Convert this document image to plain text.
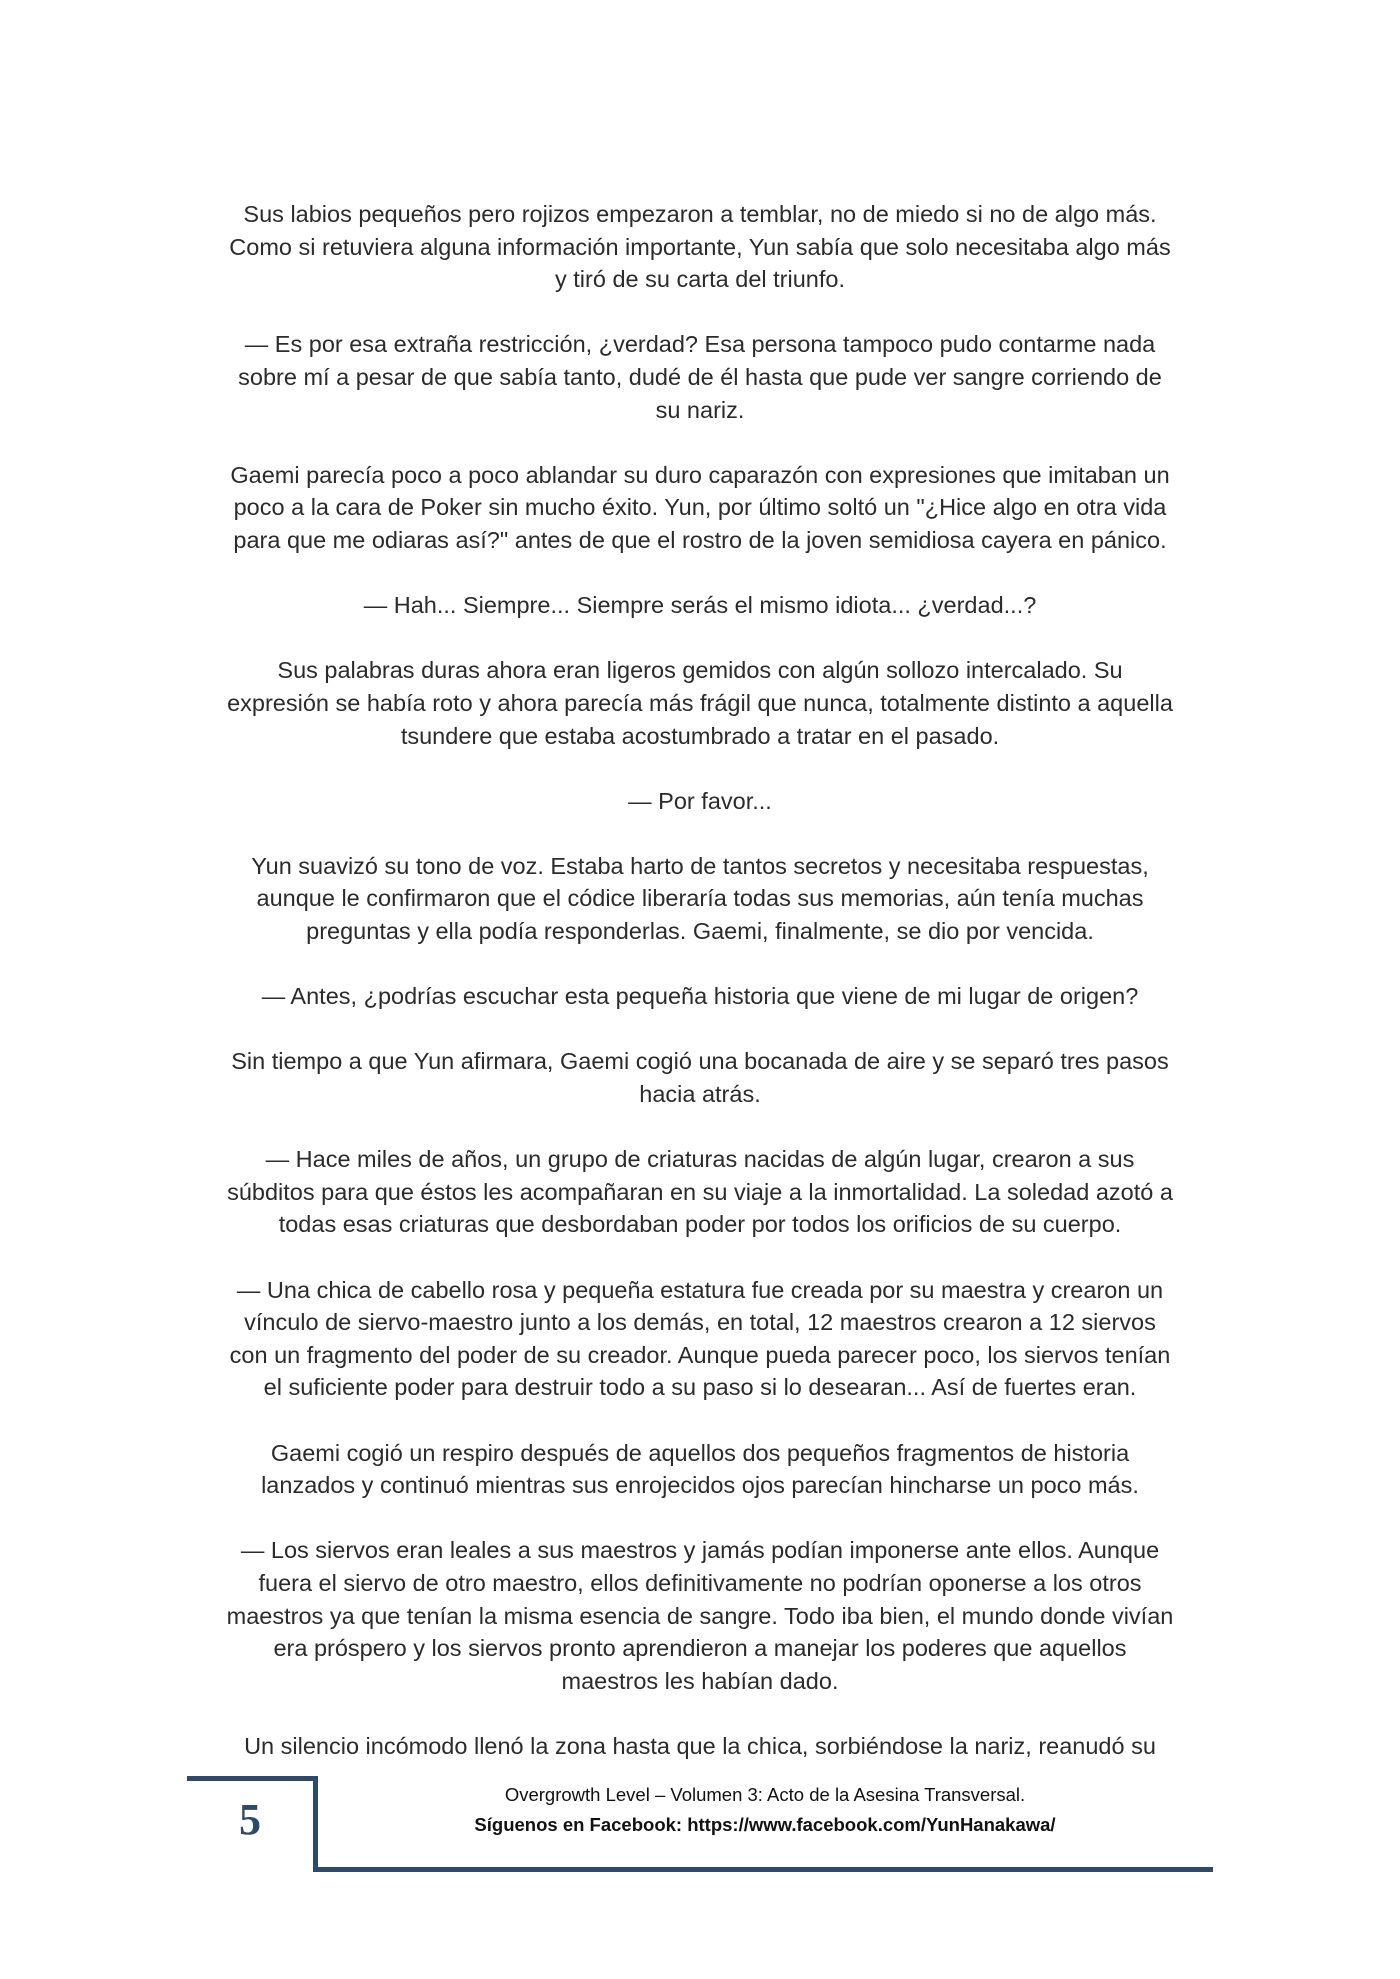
Sus labios pequeños pero rojizos empezaron a temblar, no de miedo si no de algo más.
Como si retuviera alguna información importante, Yun sabía que solo necesitaba algo más
y tiró de su carta del triunfo.

— Es por esa extraña restricción, ¿verdad? Esa persona tampoco pudo contarme nada
sobre mí a pesar de que sabía tanto, dudé de él hasta que pude ver sangre corriendo de
su nariz.

Gaemi parecía poco a poco ablandar su duro caparazón con expresiones que imitaban un
poco a la cara de Poker sin mucho éxito. Yun, por último soltó un "¿Hice algo en otra vida
para que me odiaras así?" antes de que el rostro de la joven semidiosa cayera en pánico.

— Hah... Siempre... Siempre serás el mismo idiota... ¿verdad...?

Sus palabras duras ahora eran ligeros gemidos con algún sollozo intercalado. Su
expresión se había roto y ahora parecía más frágil que nunca, totalmente distinto a aquella
tsundere que estaba acostumbrado a tratar en el pasado.

— Por favor...

Yun suavizó su tono de voz. Estaba harto de tantos secretos y necesitaba respuestas,
aunque le confirmaron que el códice liberaría todas sus memorias, aún tenía muchas
preguntas y ella podía responderlas. Gaemi, finalmente, se dio por vencida.

— Antes, ¿podrías escuchar esta pequeña historia que viene de mi lugar de origen?

Sin tiempo a que Yun afirmara, Gaemi cogió una bocanada de aire y se separó tres pasos
hacia atrás.

— Hace miles de años, un grupo de criaturas nacidas de algún lugar, crearon a sus
súbditos para que éstos les acompañaran en su viaje a la inmortalidad. La soledad azotó a
todas esas criaturas que desbordaban poder por todos los orificios de su cuerpo.

— Una chica de cabello rosa y pequeña estatura fue creada por su maestra y crearon un
vínculo de siervo-maestro junto a los demás, en total, 12 maestros crearon a 12 siervos
con un fragmento del poder de su creador. Aunque pueda parecer poco, los siervos tenían
el suficiente poder para destruir todo a su paso si lo desearan... Así de fuertes eran.

Gaemi cogió un respiro después de aquellos dos pequeños fragmentos de historia
lanzados y continuó mientras sus enrojecidos ojos parecían hincharse un poco más.

— Los siervos eran leales a sus maestros y jamás podían imponerse ante ellos. Aunque
fuera el siervo de otro maestro, ellos definitivamente no podrían oponerse a los otros
maestros ya que tenían la misma esencia de sangre. Todo iba bien, el mundo donde vivían
era próspero y los siervos pronto aprendieron a manejar los poderes que aquellos
maestros les habían dado.

Un silencio incómodo llenó la zona hasta que la chica, sorbiéndose la nariz, reanudó su

5
Overgrowth Level – Volumen 3: Acto de la Asesina Transversal.
Síguenos en Facebook: https://www.facebook.com/YunHanakawa/
